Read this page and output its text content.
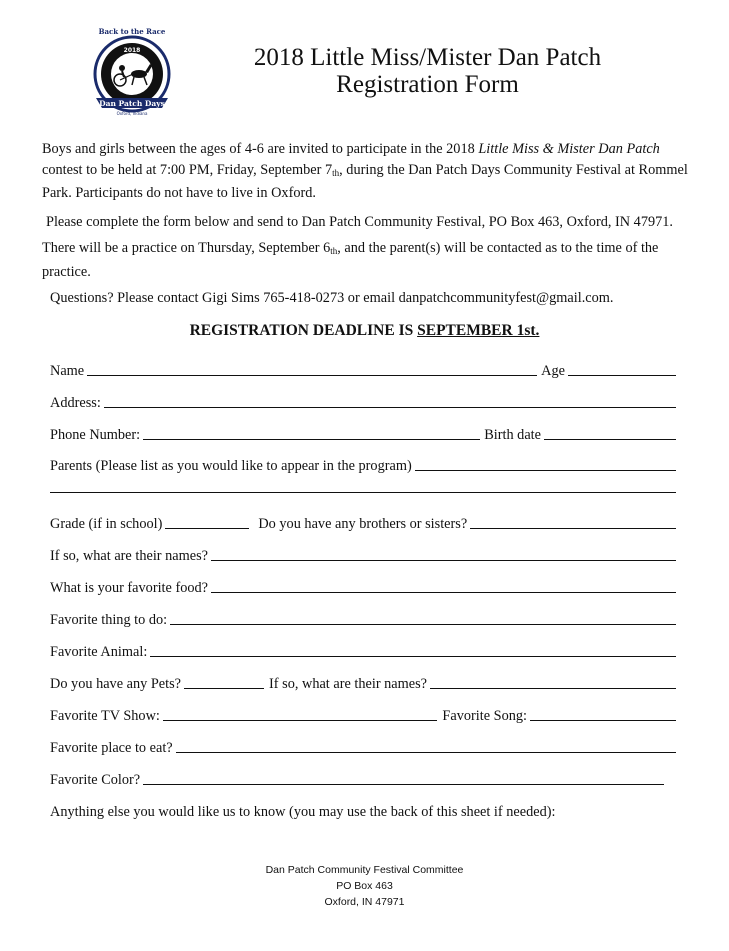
Back to the Race
2018
Dan Patch Days
Oxford, Indiana
2018 Little Miss/Mister Dan Patch
Registration Form
Boys and girls between the ages of 4-6 are invited to participate in the 2018 Little Miss & Mister Dan Patch contest to be held at 7:00 PM, Friday, September 7th, during the Dan Patch Days Community Festival at Rommel Park. Participants do not have to live in Oxford.
Please complete the form below and send to Dan Patch Community Festival, PO Box 463, Oxford, IN 47971.
There will be a practice on Thursday, September 6th, and the parent(s) will be contacted as to the time of the practice.
Questions? Please contact Gigi Sims 765-418-0273 or email danpatchcommunityfest@gmail.com.
REGISTRATION DEADLINE IS SEPTEMBER 1st.
Name	Age
Address:
Phone Number:	Birth date
Parents (Please list as you would like to appear in the program)
Grade (if in school)	Do you have any brothers or sisters?
If so, what are their names?
What is your favorite food?
Favorite thing to do:
Favorite Animal:
Do you have any Pets?	If so, what are their names?
Favorite TV Show:	Favorite Song:
Favorite place to eat?
Favorite Color?
Anything else you would like us to know (you may use the back of this sheet if needed):
Dan Patch Community Festival Committee
PO Box 463
Oxford, IN 47971
